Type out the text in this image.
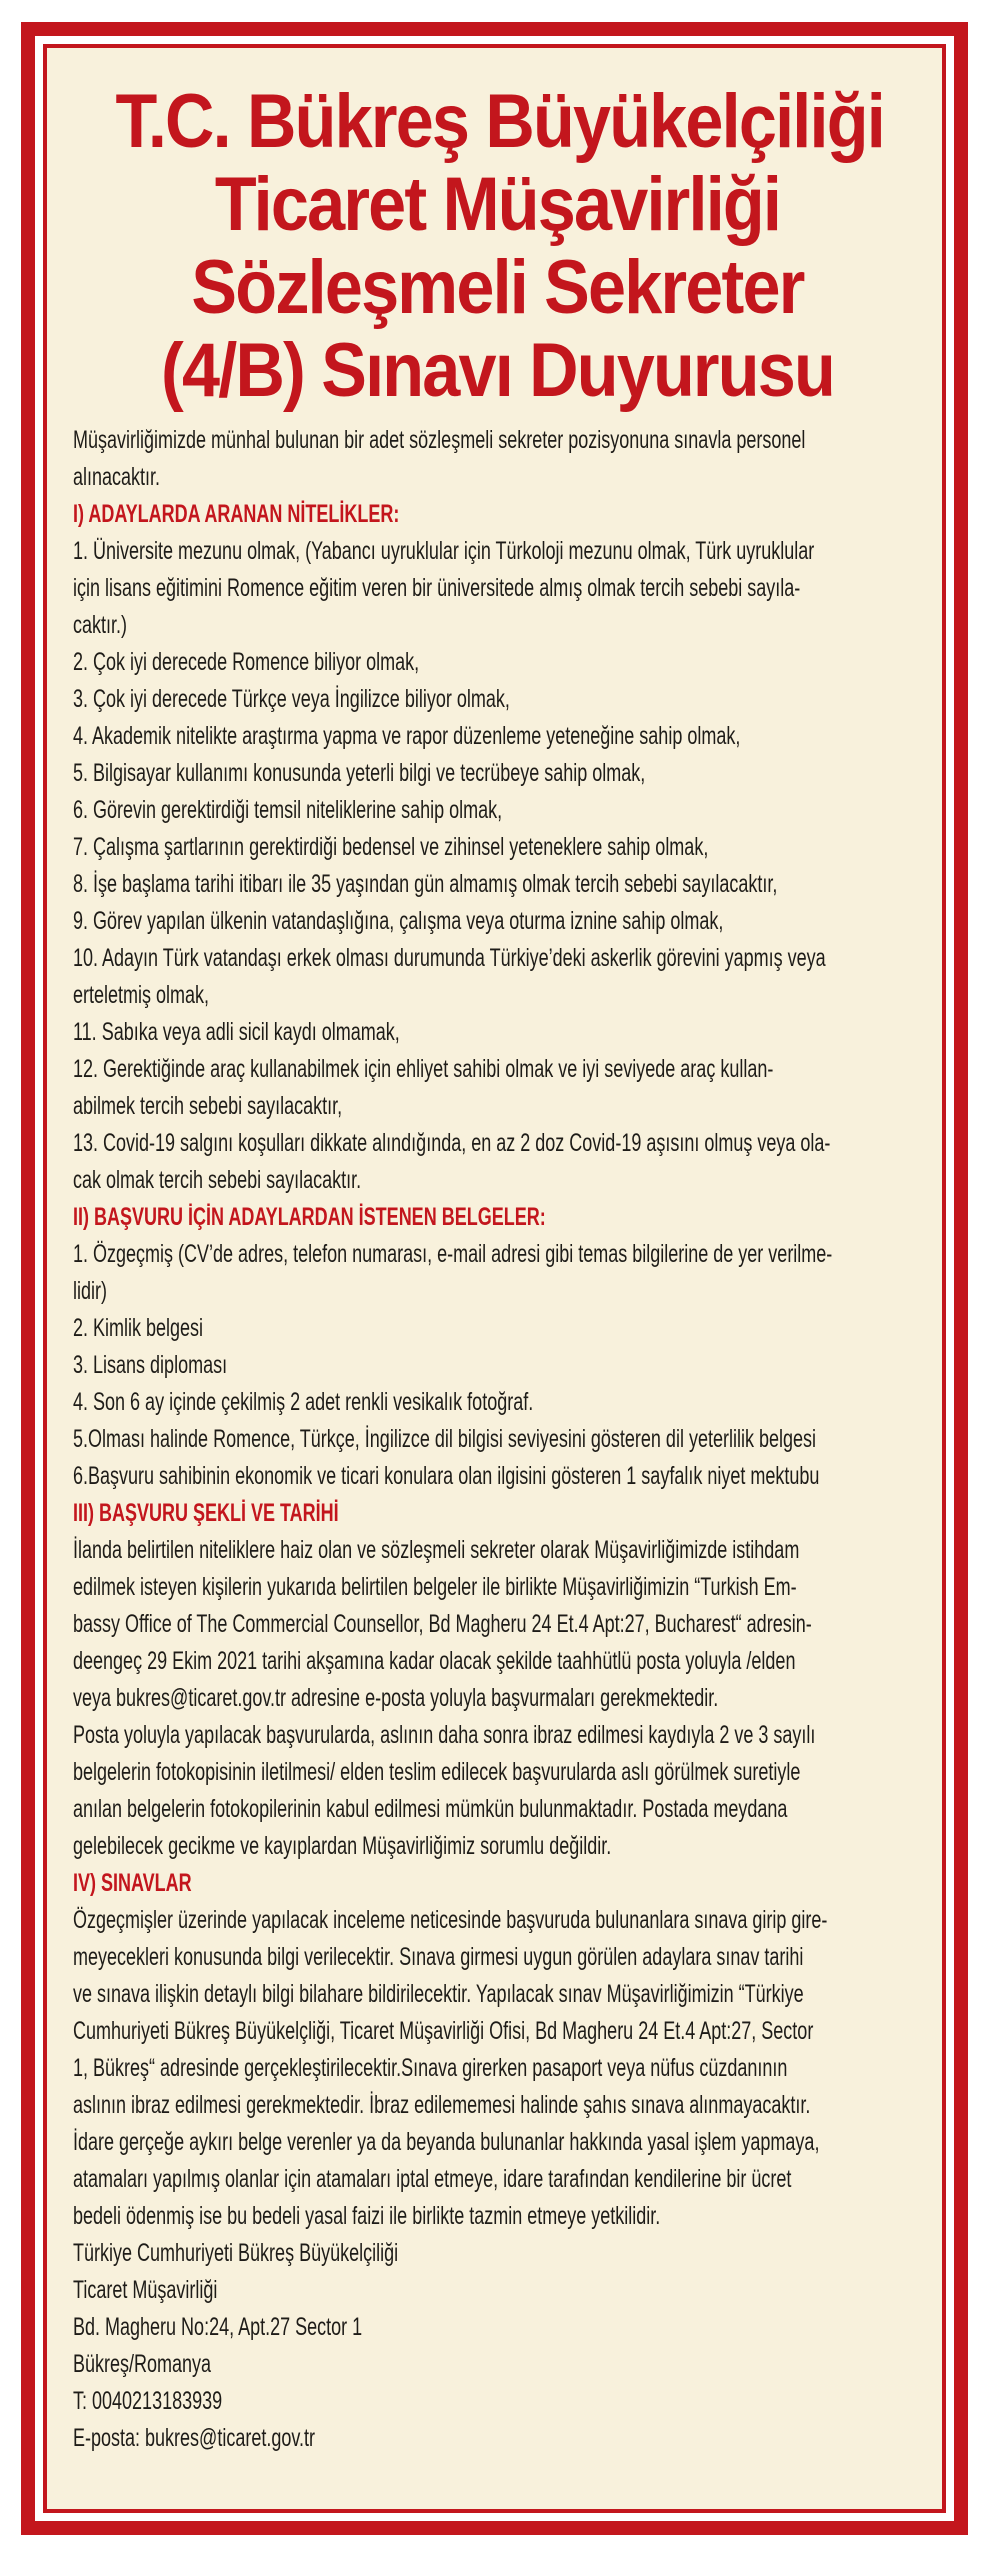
T.C. Bükreş Büyükelçiliği
Ticaret Müşavirliği
Sözleşmeli Sekreter
(4/B) Sınavı Duyurusu
Müşavirliğimizde münhal bulunan bir adet sözleşmeli sekreter pozisyonuna sınavla personel
alınacaktır.
I) ADAYLARDA ARANAN NİTELİKLER:
1. Üniversite mezunu olmak, (Yabancı uyruklular için Türkoloji mezunu olmak, Türk uyruklular
için lisans eğitimini Romence eğitim veren bir üniversitede almış olmak tercih sebebi sayıla-
caktır.)
2. Çok iyi derecede Romence biliyor olmak,
3. Çok iyi derecede Türkçe veya İngilizce biliyor olmak,
4. Akademik nitelikte araştırma yapma ve rapor düzenleme yeteneğine sahip olmak,
5. Bilgisayar kullanımı konusunda yeterli bilgi ve tecrübeye sahip olmak,
6. Görevin gerektirdiği temsil niteliklerine sahip olmak,
7. Çalışma şartlarının gerektirdiği bedensel ve zihinsel yeteneklere sahip olmak,
8. İşe başlama tarihi itibarı ile 35 yaşından gün almamış olmak tercih sebebi sayılacaktır,
9. Görev yapılan ülkenin vatandaşlığına, çalışma veya oturma iznine sahip olmak,
10. Adayın Türk vatandaşı erkek olması durumunda Türkiye’deki askerlik görevini yapmış veya
erteletmiş olmak,
11. Sabıka veya adli sicil kaydı olmamak,
12. Gerektiğinde araç kullanabilmek için ehliyet sahibi olmak ve iyi seviyede araç kullan-
abilmek tercih sebebi sayılacaktır,
13. Covid-19 salgını koşulları dikkate alındığında, en az 2 doz Covid-19 aşısını olmuş veya ola-
cak olmak tercih sebebi sayılacaktır.
II) BAŞVURU İÇİN ADAYLARDAN İSTENEN BELGELER:
1. Özgeçmiş (CV’de adres, telefon numarası, e-mail adresi gibi temas bilgilerine de yer verilme-
lidir)
2. Kimlik belgesi
3. Lisans diploması
4. Son 6 ay içinde çekilmiş 2 adet renkli vesikalık fotoğraf.
5.Olması halinde Romence, Türkçe, İngilizce dil bilgisi seviyesini gösteren dil yeterlilik belgesi
6.Başvuru sahibinin ekonomik ve ticari konulara olan ilgisini gösteren 1 sayfalık niyet mektubu
III) BAŞVURU ŞEKLİ VE TARİHİ
İlanda belirtilen niteliklere haiz olan ve sözleşmeli sekreter olarak Müşavirliğimizde istihdam
edilmek isteyen kişilerin yukarıda belirtilen belgeler ile birlikte Müşavirliğimizin “Turkish Em-
bassy Office of The Commercial Counsellor, Bd Magheru 24 Et.4 Apt:27, Bucharest“ adresin-
deengeç 29 Ekim 2021 tarihi akşamına kadar olacak şekilde taahhütlü posta yoluyla /elden
veya bukres@ticaret.gov.tr adresine e-posta yoluyla başvurmaları gerekmektedir.
Posta yoluyla yapılacak başvurularda, aslının daha sonra ibraz edilmesi kaydıyla 2 ve 3 sayılı
belgelerin fotokopisinin iletilmesi/ elden teslim edilecek başvurularda aslı görülmek suretiyle
anılan belgelerin fotokopilerinin kabul edilmesi mümkün bulunmaktadır. Postada meydana
gelebilecek gecikme ve kayıplardan Müşavirliğimiz sorumlu değildir.
IV) SINAVLAR
Özgeçmişler üzerinde yapılacak inceleme neticesinde başvuruda bulunanlara sınava girip gire-
meyecekleri konusunda bilgi verilecektir. Sınava girmesi uygun görülen adaylara sınav tarihi
ve sınava ilişkin detaylı bilgi bilahare bildirilecektir. Yapılacak sınav Müşavirliğimizin “Türkiye
Cumhuriyeti Bükreş Büyükelçliği, Ticaret Müşavirliği Ofisi, Bd Magheru 24 Et.4 Apt:27, Sector
1, Bükreş“ adresinde gerçekleştirilecektir.Sınava girerken pasaport veya nüfus cüzdanının
aslının ibraz edilmesi gerekmektedir. İbraz edilememesi halinde şahıs sınava alınmayacaktır.
İdare gerçeğe aykırı belge verenler ya da beyanda bulunanlar hakkında yasal işlem yapmaya,
atamaları yapılmış olanlar için atamaları iptal etmeye, idare tarafından kendilerine bir ücret
bedeli ödenmiş ise bu bedeli yasal faizi ile birlikte tazmin etmeye yetkilidir.
Türkiye Cumhuriyeti Bükreş Büyükelçiliği
Ticaret Müşavirliği
Bd. Magheru No:24, Apt.27 Sector 1
Bükreş/Romanya
T: 0040213183939
E-posta: bukres@ticaret.gov.tr
